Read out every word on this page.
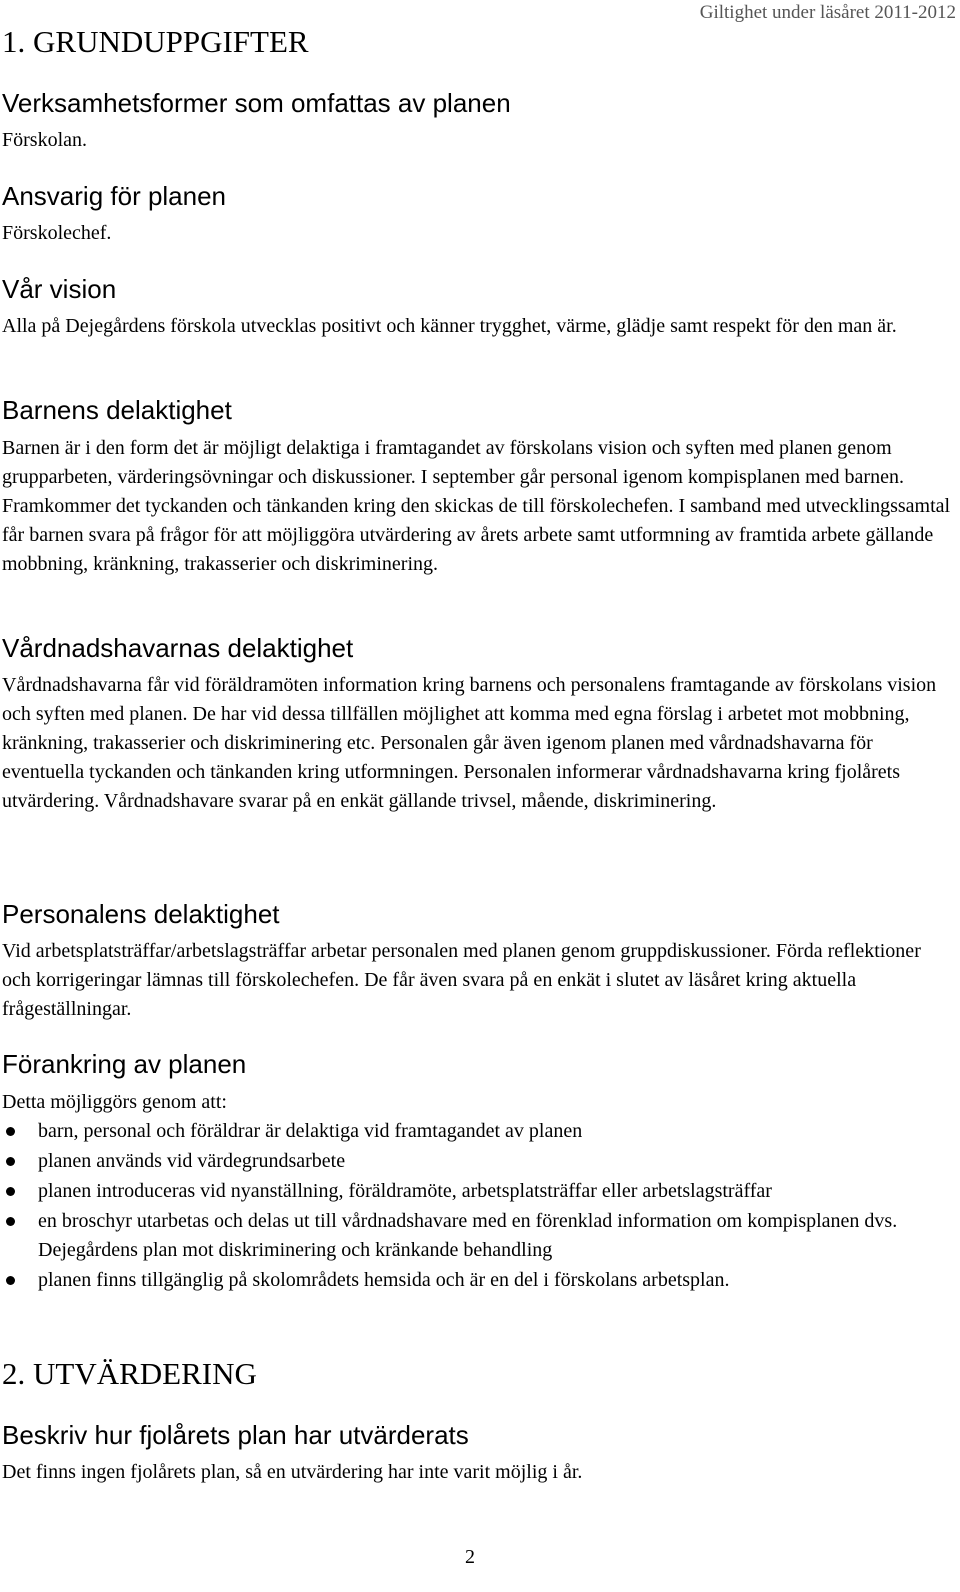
Giltighet under läsåret 2011-2012
1. GRUNDUPPGIFTER
Verksamhetsformer som omfattas av planen

Förskolan.

Ansvarig för planen

Förskolechef.

Vår vision

Alla på Dejegårdens förskola utvecklas positivt och känner trygghet, värme, glädje samt respekt för den man är.

Barnens delaktighet

Barnen är i den form det är möjligt delaktiga i framtagandet av förskolans vision och syften med planen genom grupparbeten, värderingsövningar och diskussioner. I september går personal igenom kompisplanen med barnen. Framkommer det tyckanden och tänkanden kring den skickas de till förskolechefen. I samband med utvecklingssamtal får barnen svara på frågor för att möjliggöra utvärdering av årets arbete samt utformning av framtida arbete gällande mobbning, kränkning, trakasserier och diskriminering.

Vårdnadshavarnas delaktighet

Vårdnadshavarna får vid föräldramöten information kring barnens och personalens framtagande av förskolans vision och syften med planen. De har vid dessa tillfällen möjlighet att komma med egna förslag i arbetet mot mobbning, kränkning, trakasserier och diskriminering etc. Personalen går även igenom planen med vårdnadshavarna för eventuella tyckanden och tänkanden kring utformningen. Personalen informerar vårdnadshavarna kring fjolårets utvärdering. Vårdnadshavare svarar på en enkät gällande trivsel, mående, diskriminering.

Personalens delaktighet

Vid arbetsplatsträffar/arbetslagsträffar arbetar personalen med planen genom gruppdiskussioner. Förda reflektioner och korrigeringar lämnas till förskolechefen. De får även svara på en enkät i slutet av läsåret kring aktuella frågeställningar.

Förankring av planen

Detta möjliggörs genom att:

barn, personal och föräldrar är delaktiga vid framtagandet av planen
planen används vid värdegrundsarbete
planen introduceras vid nyanställning, föräldramöte, arbetsplatsträffar eller arbetslagsträffar
en broschyr utarbetas och delas ut till vårdnadshavare med en förenklad information om kompisplanen dvs. Dejegårdens plan mot diskriminering och kränkande behandling
planen finns tillgänglig på skolområdets hemsida och är en del i förskolans arbetsplan.
2. UTVÄRDERING
Beskriv hur fjolårets plan har utvärderats

Det finns ingen fjolårets plan, så en utvärdering har inte varit möjlig i år.

2
